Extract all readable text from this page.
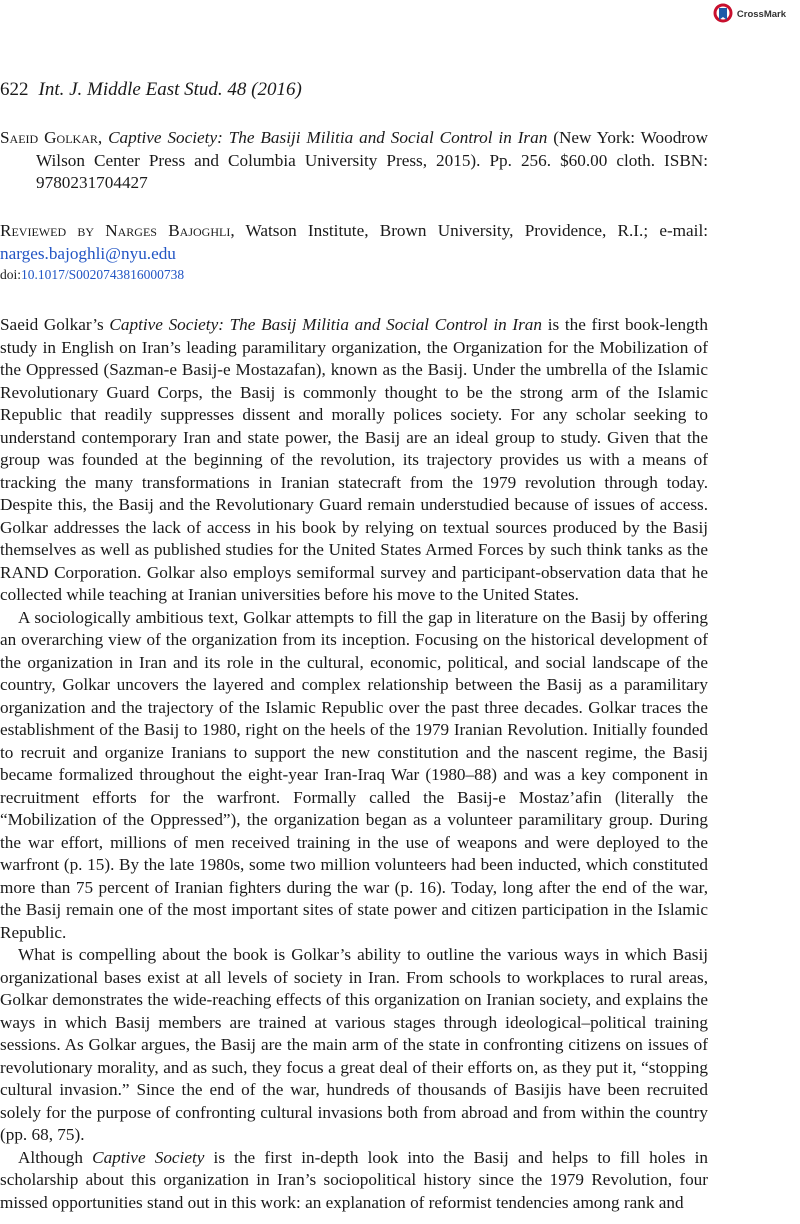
CrossMark
622 Int. J. Middle East Stud. 48 (2016)
Saeid Golkar, Captive Society: The Basiji Militia and Social Control in Iran (New York: Woodrow Wilson Center Press and Columbia University Press, 2015). Pp. 256. $60.00 cloth. ISBN: 9780231704427
Reviewed by Narges Bajoghli, Watson Institute, Brown University, Providence, R.I.; e-mail: narges.bajoghli@nyu.edu
doi:10.1017/S0020743816000738

Saeid Golkar’s Captive Society: The Basij Militia and Social Control in Iran is the first book-length study in English on Iran’s leading paramilitary organization, the Organization for the Mobilization of the Oppressed (Sazman-e Basij-e Mostazafan), known as the Basij. Under the umbrella of the Islamic Revolutionary Guard Corps, the Basij is commonly thought to be the strong arm of the Islamic Republic that readily suppresses dissent and morally polices society. For any scholar seeking to understand contemporary Iran and state power, the Basij are an ideal group to study. Given that the group was founded at the beginning of the revolution, its trajectory provides us with a means of tracking the many transformations in Iranian statecraft from the 1979 revolution through today. Despite this, the Basij and the Revolutionary Guard remain understudied because of issues of access. Golkar addresses the lack of access in his book by relying on textual sources produced by the Basij themselves as well as published studies for the United States Armed Forces by such think tanks as the RAND Corporation. Golkar also employs semiformal survey and participant-observation data that he collected while teaching at Iranian universities before his move to the United States.

A sociologically ambitious text, Golkar attempts to fill the gap in literature on the Basij by offering an overarching view of the organization from its inception. Focusing on the historical development of the organization in Iran and its role in the cultural, economic, political, and social landscape of the country, Golkar uncovers the layered and complex relationship between the Basij as a paramilitary organization and the trajectory of the Islamic Republic over the past three decades. Golkar traces the establishment of the Basij to 1980, right on the heels of the 1979 Iranian Revolution. Initially founded to recruit and organize Iranians to support the new constitution and the nascent regime, the Basij became formalized throughout the eight-year Iran-Iraq War (1980–88) and was a key component in recruitment efforts for the warfront. Formally called the Basij-e Mostaz’afin (literally the “Mobilization of the Oppressed”), the organization began as a volunteer paramilitary group. During the war effort, millions of men received training in the use of weapons and were deployed to the warfront (p. 15). By the late 1980s, some two million volunteers had been inducted, which constituted more than 75 percent of Iranian fighters during the war (p. 16). Today, long after the end of the war, the Basij remain one of the most important sites of state power and citizen participation in the Islamic Republic.

What is compelling about the book is Golkar’s ability to outline the various ways in which Basij organizational bases exist at all levels of society in Iran. From schools to workplaces to rural areas, Golkar demonstrates the wide-reaching effects of this organization on Iranian society, and explains the ways in which Basij members are trained at various stages through ideological–political training sessions. As Golkar argues, the Basij are the main arm of the state in confronting citizens on issues of revolutionary morality, and as such, they focus a great deal of their efforts on, as they put it, “stopping cultural invasion.” Since the end of the war, hundreds of thousands of Basijis have been recruited solely for the purpose of confronting cultural invasions both from abroad and from within the country (pp. 68, 75).

Although Captive Society is the first in-depth look into the Basij and helps to fill holes in scholarship about this organization in Iran’s sociopolitical history since the 1979 Revolution, four missed opportunities stand out in this work: an explanation of reformist tendencies among rank and
